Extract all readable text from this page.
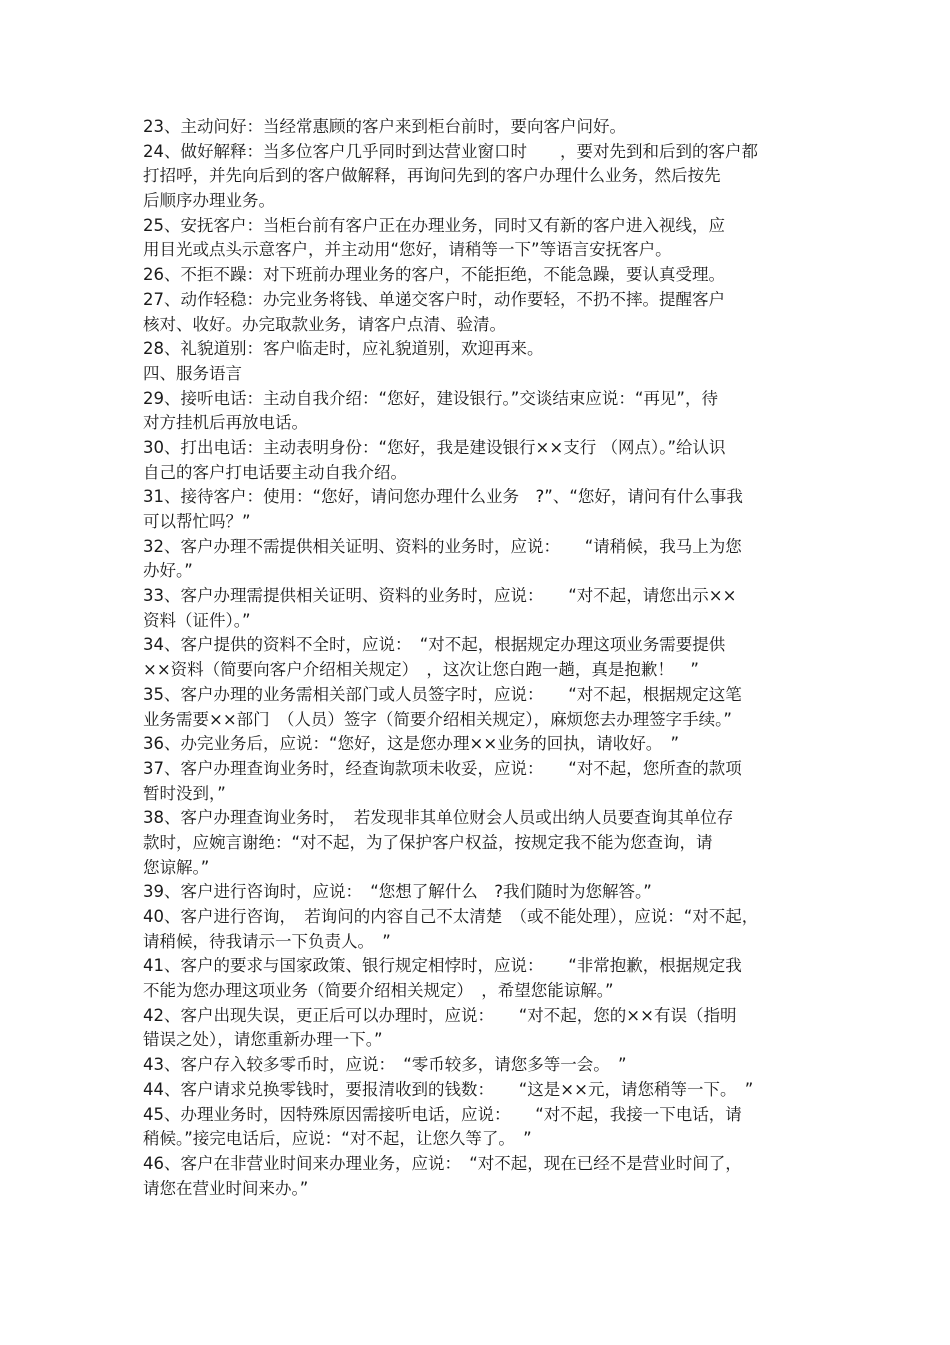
23、主动问好：当经常惠顾的客户来到柜台前时，要向客户问好。
24、做好解释：当多位客户几乎同时到达营业窗口时　　，要对先到和后到的客户都
打招呼，并先向后到的客户做解释，再询问先到的客户办理什么业务，然后按先
后顺序办理业务。
25、安抚客户：当柜台前有客户正在办理业务，同时又有新的客户进入视线，应
用目光或点头示意客户，并主动用“您好，请稍等一下”等语言安抚客户。
26、不拒不躁：对下班前办理业务的客户，不能拒绝，不能急躁，要认真受理。
27、动作轻稳：办完业务将钱、单递交客户时，动作要轻，不扔不摔。提醒客户
核对、收好。办完取款业务，请客户点清、验清。
28、礼貌道别：客户临走时，应礼貌道别，欢迎再来。
四、服务语言
29、接听电话：主动自我介绍：“您好，建设银行。”交谈结束应说：“再见”，待
对方挂机后再放电话。
30、打出电话：主动表明身份：“您好，我是建设银行××支行 （网点）。”给认识
自己的客户打电话要主动自我介绍。
31、接待客户：使用：“您好，请问您办理什么业务　?”、“您好，请问有什么事我
可以帮忙吗？”
32、客户办理不需提供相关证明、资料的业务时，应说：　　“请稍候，我马上为您
办好。”
33、客户办理需提供相关证明、资料的业务时，应说：　　“对不起，请您出示××
资料（证件）。”
34、客户提供的资料不全时，应说：　“对不起，根据规定办理这项业务需要提供
××资料（简要向客户介绍相关规定）　，这次让您白跑一趟，真是抱歉！　”
35、客户办理的业务需相关部门或人员签字时，应说：　　“对不起，根据规定这笔
业务需要××部门　（人员）签字（简要介绍相关规定），麻烦您去办理签字手续。”
36、办完业务后，应说：“您好，这是您办理××业务的回执，请收好。　”
37、客户办理查询业务时，经查询款项未收妥，应说：　　“对不起，您所查的款项
暂时没到，”
38、客户办理查询业务时，　若发现非其单位财会人员或出纳人员要查询其单位存
款时，应婉言谢绝：“对不起，为了保护客户权益，按规定我不能为您查询，请
您谅解。”
39、客户进行咨询时，应说：　“您想了解什么　?我们随时为您解答。”
40、客户进行咨询，　若询问的内容自己不太清楚　（或不能处理），应说：“对不起，
请稍候，待我请示一下负责人。　”
41、客户的要求与国家政策、银行规定相悖时，应说：　　“非常抱歉，根据规定我
不能为您办理这项业务（简要介绍相关规定）　，希望您能谅解。”
42、客户出现失误，更正后可以办理时，应说：　　“对不起，您的××有误（指明
错误之处），请您重新办理一下。”
43、客户存入较多零币时，应说：　“零币较多，请您多等一会。　”
44、客户请求兑换零钱时，要报清收到的钱数：　　“这是××元，请您稍等一下。　”
45、办理业务时，因特殊原因需接听电话，应说：　　“对不起，我接一下电话，请
稍候。”接完电话后，应说：“对不起，让您久等了。　”
46、客户在非营业时间来办理业务，应说：　“对不起，现在已经不是营业时间了，
请您在营业时间来办。”
